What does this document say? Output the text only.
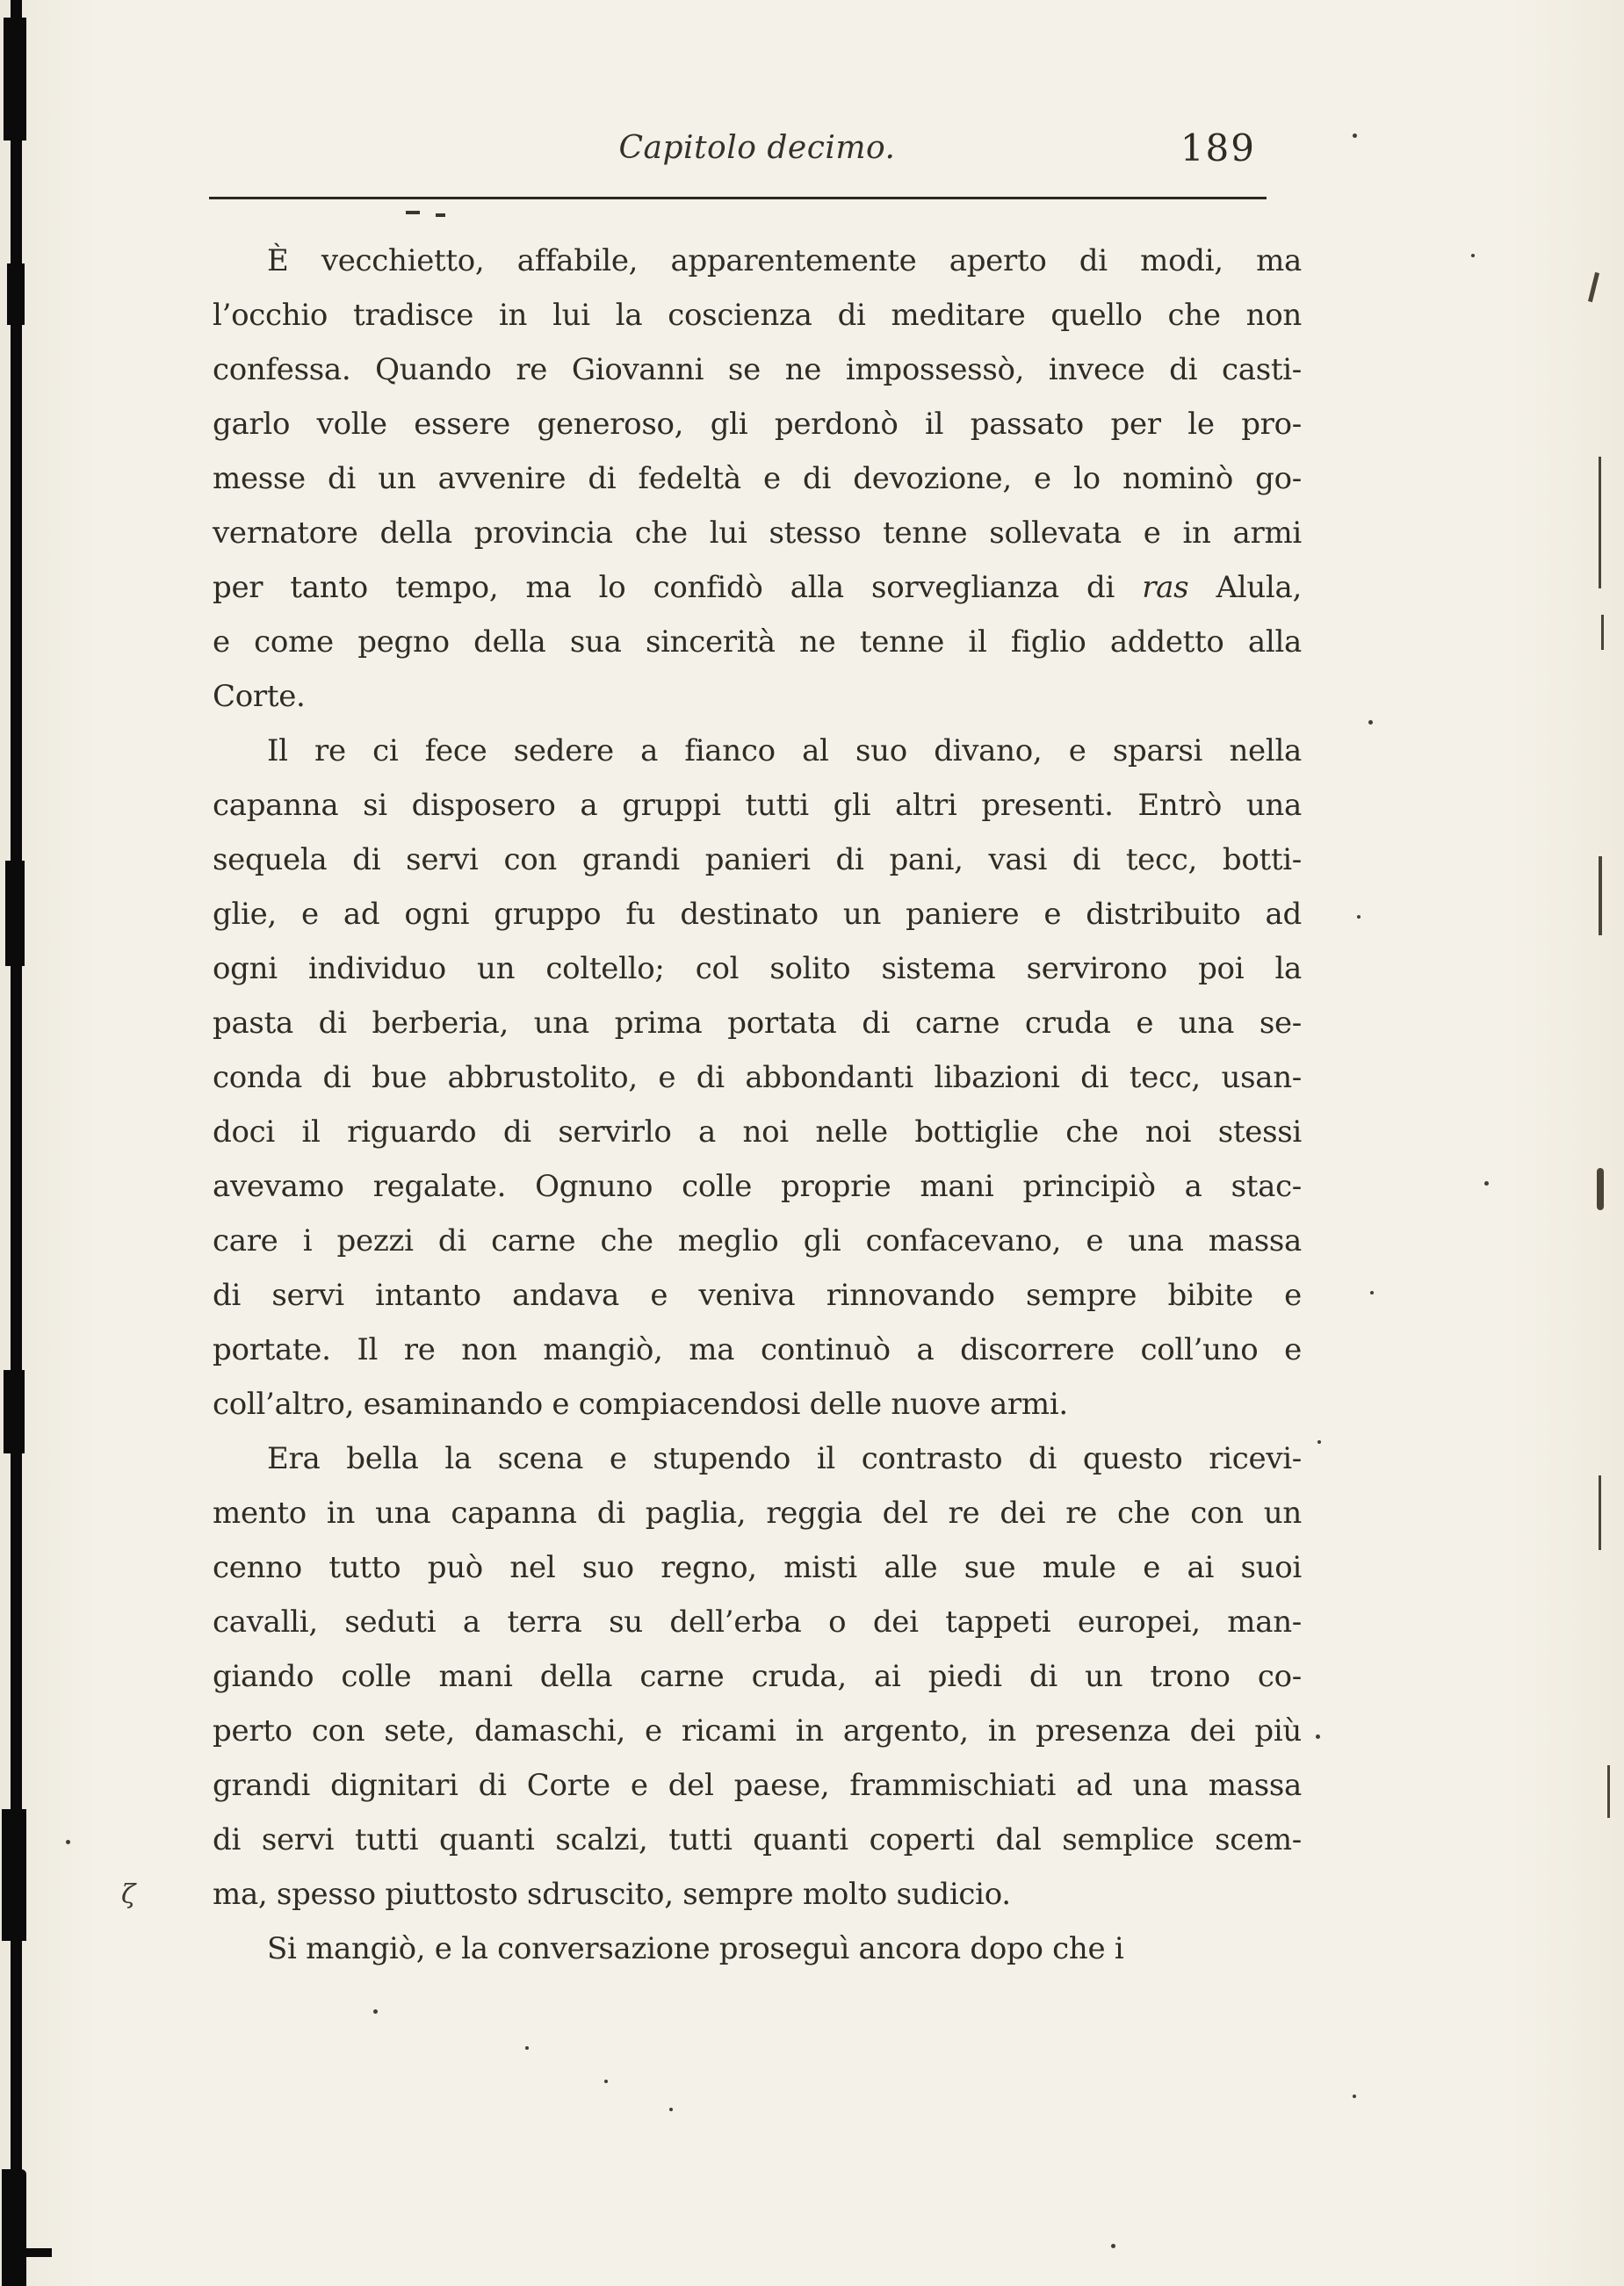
Capitolo decimo.	189
È vecchietto, affabile, apparentemente aperto di modi, ma
l’occhio tradisce in lui la coscienza di meditare quello che non
confessa. Quando re Giovanni se ne impossessò, invece di casti-
garlo volle essere generoso, gli perdonò il passato per le pro-
messe di un avvenire di fedeltà e di devozione, e lo nominò go-
vernatore della provincia che lui stesso tenne sollevata e in armi
per tanto tempo, ma lo confidò alla sorveglianza di ras Alula,
e come pegno della sua sincerità ne tenne il figlio addetto alla
Corte.
Il re ci fece sedere a fianco al suo divano, e sparsi nella
capanna si disposero a gruppi tutti gli altri presenti. Entrò una
sequela di servi con grandi panieri di pani, vasi di tecc, botti-
glie, e ad ogni gruppo fu destinato un paniere e distribuito ad
ogni individuo un coltello; col solito sistema servirono poi la
pasta di berberia, una prima portata di carne cruda e una se-
conda di bue abbrustolito, e di abbondanti libazioni di tecc, usan-
doci il riguardo di servirlo a noi nelle bottiglie che noi stessi
avevamo regalate. Ognuno colle proprie mani principiò a stac-
care i pezzi di carne che meglio gli confacevano, e una massa
di servi intanto andava e veniva rinnovando sempre bibite e
portate. Il re non mangiò, ma continuò a discorrere coll’uno e
coll’altro, esaminando e compiacendosi delle nuove armi.
Era bella la scena e stupendo il contrasto di questo ricevi-
mento in una capanna di paglia, reggia del re dei re che con un
cenno tutto può nel suo regno, misti alle sue mule e ai suoi
cavalli, seduti a terra su dell’erba o dei tappeti europei, man-
giando colle mani della carne cruda, ai piedi di un trono co-
perto con sete, damaschi, e ricami in argento, in presenza dei più
grandi dignitari di Corte e del paese, frammischiati ad una massa
di servi tutti quanti scalzi, tutti quanti coperti dal semplice scem-
ma, spesso piuttosto sdruscito, sempre molto sudicio.
Si mangiò, e la conversazione proseguì ancora dopo che i
ζ
